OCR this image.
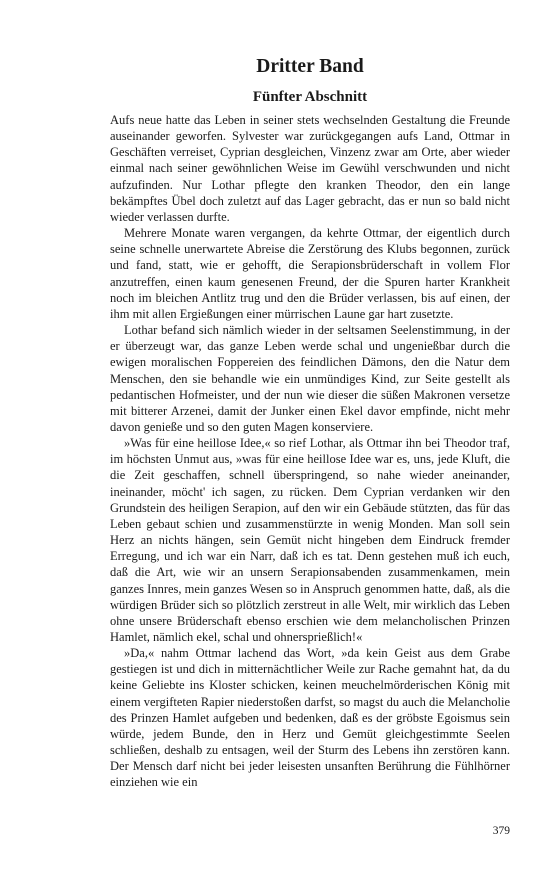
Dritter Band
Fünfter Abschnitt

Aufs neue hatte das Leben in seiner stets wechselnden Gestaltung die Freunde auseinander geworfen. Sylvester war zurückgegangen aufs Land, Ottmar in Geschäften verreiset, Cyprian desgleichen, Vinzenz zwar am Orte, aber wieder einmal nach seiner gewöhnlichen Weise im Gewühl verschwunden und nicht aufzufinden. Nur Lothar pflegte den kranken Theodor, den ein lange bekämpftes Übel doch zuletzt auf das Lager gebracht, das er nun so bald nicht wieder verlassen durfte.

Mehrere Monate waren vergangen, da kehrte Ottmar, der eigentlich durch seine schnelle unerwartete Abreise die Zerstörung des Klubs begonnen, zurück und fand, statt, wie er gehofft, die Serapionsbrüderschaft in vollem Flor anzutreffen, einen kaum genesenen Freund, der die Spuren harter Krankheit noch im bleichen Antlitz trug und den die Brüder verlassen, bis auf einen, der ihm mit allen Ergießungen einer mürrischen Laune gar hart zusetzte.

Lothar befand sich nämlich wieder in der seltsamen Seelenstimmung, in der er überzeugt war, das ganze Leben werde schal und ungenießbar durch die ewigen moralischen Foppereien des feindlichen Dämons, den die Natur dem Menschen, den sie behandle wie ein unmündiges Kind, zur Seite gestellt als pedantischen Hofmeister, und der nun wie dieser die süßen Makronen versetze mit bitterer Arzenei, damit der Junker einen Ekel davor empfinde, nicht mehr davon genieße und so den guten Magen konserviere.

»Was für eine heillose Idee,« so rief Lothar, als Ottmar ihn bei Theodor traf, im höchsten Unmut aus, »was für eine heillose Idee war es, uns, jede Kluft, die die Zeit geschaffen, schnell überspringend, so nahe wieder aneinander, ineinander, möcht' ich sagen, zu rücken. Dem Cyprian verdanken wir den Grundstein des heiligen Serapion, auf den wir ein Gebäude stützten, das für das Leben gebaut schien und zusammenstürzte in wenig Monden. Man soll sein Herz an nichts hängen, sein Gemüt nicht hingeben dem Eindruck fremder Erregung, und ich war ein Narr, daß ich es tat. Denn gestehen muß ich euch, daß die Art, wie wir an unsern Serapionsabenden zusammenkamen, mein ganzes Innres, mein ganzes Wesen so in Anspruch genommen hatte, daß, als die würdigen Brüder sich so plötzlich zerstreut in alle Welt, mir wirklich das Leben ohne unsere Brüderschaft ebenso erschien wie dem melancholischen Prinzen Hamlet, nämlich ekel, schal und ohnersprießlich!«

»Da,« nahm Ottmar lachend das Wort, »da kein Geist aus dem Grabe gestiegen ist und dich in mitternächtlicher Weile zur Rache gemahnt hat, da du keine Geliebte ins Kloster schicken, keinen meuchelmörderischen König mit einem vergifteten Rapier niederstoßen darfst, so magst du auch die Melancholie des Prinzen Hamlet aufgeben und bedenken, daß es der gröbste Egoismus sein würde, jedem Bunde, den in Herz und Gemüt gleichgestimmte Seelen schließen, deshalb zu entsagen, weil der Sturm des Lebens ihn zerstören kann. Der Mensch darf nicht bei jeder leisesten unsanften Berührung die Fühlhörner einziehen wie ein

379
